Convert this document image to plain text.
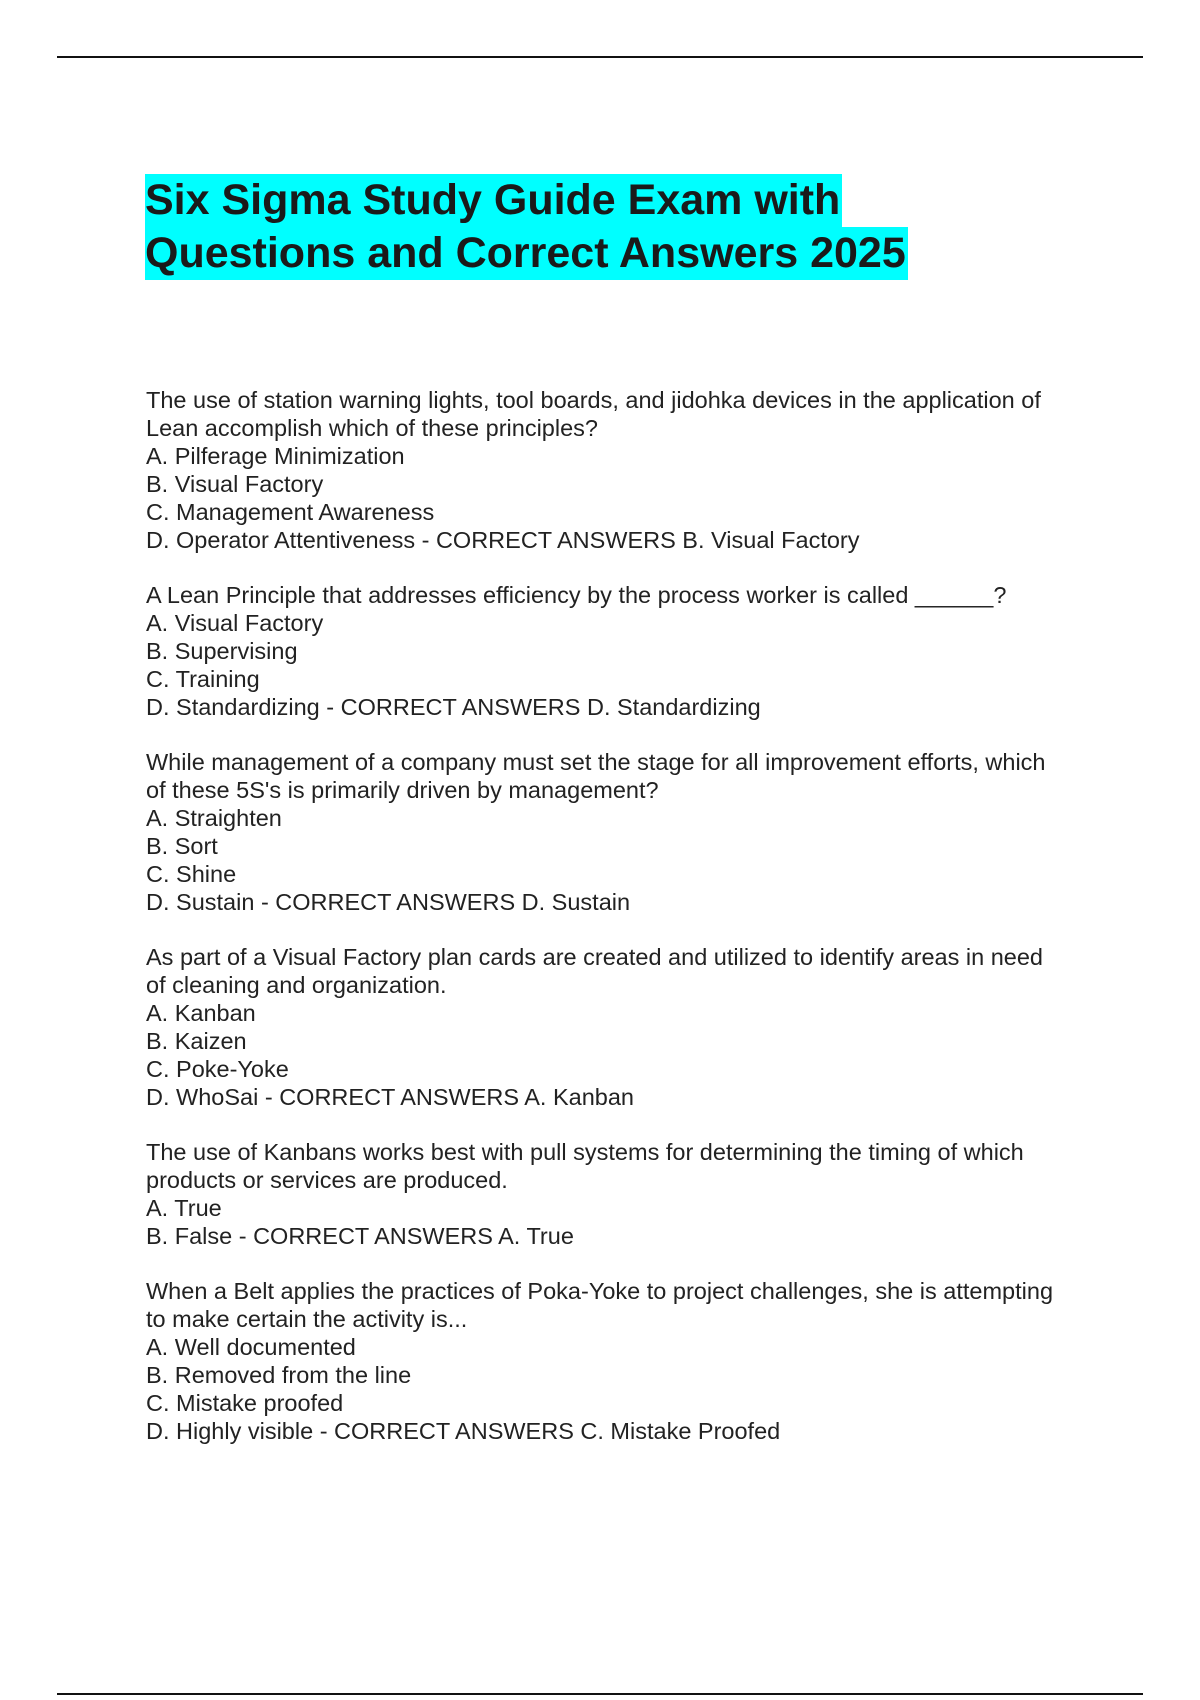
Six Sigma Study Guide Exam with
Questions and Correct Answers 2025
The use of station warning lights, tool boards, and jidohka devices in the application of
Lean accomplish which of these principles?
A. Pilferage Minimization
B. Visual Factory
C. Management Awareness
D. Operator Attentiveness - CORRECT ANSWERS B. Visual Factory
A Lean Principle that addresses efficiency by the process worker is called ______?
A. Visual Factory
B. Supervising
C. Training
D. Standardizing - CORRECT ANSWERS D. Standardizing
While management of a company must set the stage for all improvement efforts, which
of these 5S's is primarily driven by management?
A. Straighten
B. Sort
C. Shine
D. Sustain - CORRECT ANSWERS D. Sustain
As part of a Visual Factory plan cards are created and utilized to identify areas in need
of cleaning and organization.
A. Kanban
B. Kaizen
C. Poke-Yoke
D. WhoSai - CORRECT ANSWERS A. Kanban
The use of Kanbans works best with pull systems for determining the timing of which
products or services are produced.
A. True
B. False - CORRECT ANSWERS A. True
When a Belt applies the practices of Poka-Yoke to project challenges, she is attempting
to make certain the activity is...
A. Well documented
B. Removed from the line
C. Mistake proofed
D. Highly visible - CORRECT ANSWERS C. Mistake Proofed
